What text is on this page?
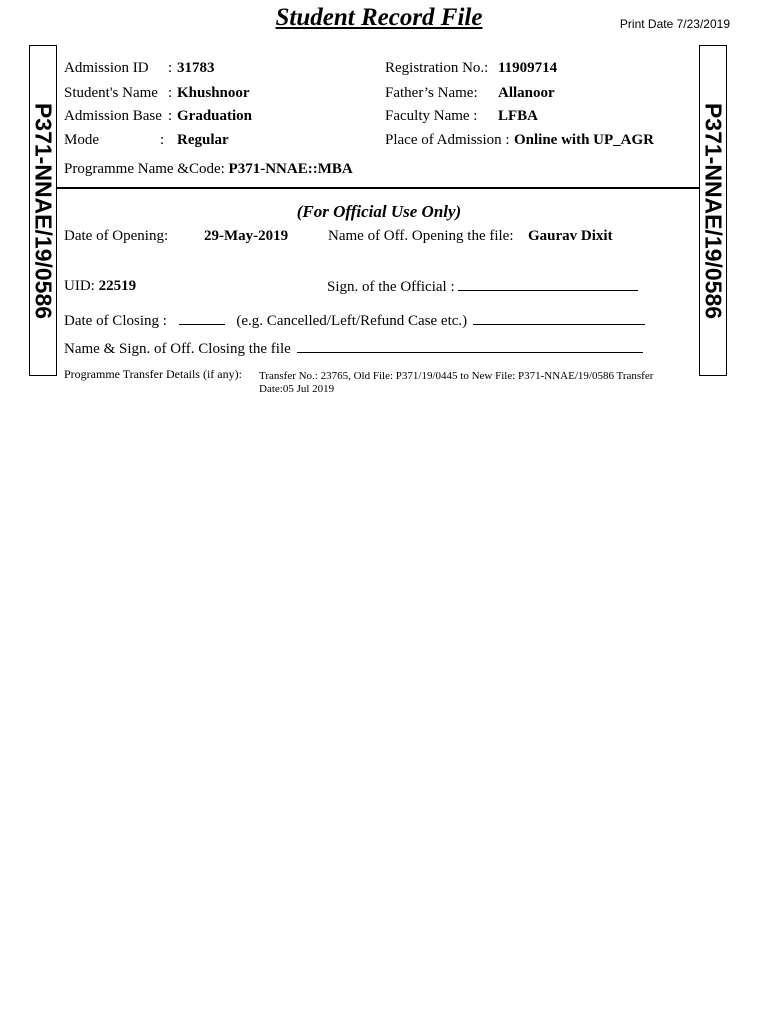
Student Record File	Print Date 7/23/2019
P371-NNAE/19/0586	P371-NNAE/19/0586
Admission ID : 31783	Registration No.: 11909714
Student's Name : Khushnoor	Father’s Name: Allanoor
Admission Base : Graduation	Faculty Name : LFBA
Mode	: Regular	Place of Admission : Online with UP_AGR
Programme Name &Code: P371-NNAE::MBA
(For Official Use Only)
Date of Opening: 29-May-2019	Name of Off. Opening the file: Gaurav Dixit
UID: 22519	Sign. of the Official :
Date of Closing :	(e.g. Cancelled/Left/Refund Case etc.)
Name & Sign. of Off. Closing the file
Programme Transfer Details (if any): Transfer No.: 23765, Old File: P371/19/0445 to New File: P371-NNAE/19/0586 Transfer Date:05 Jul 2019
